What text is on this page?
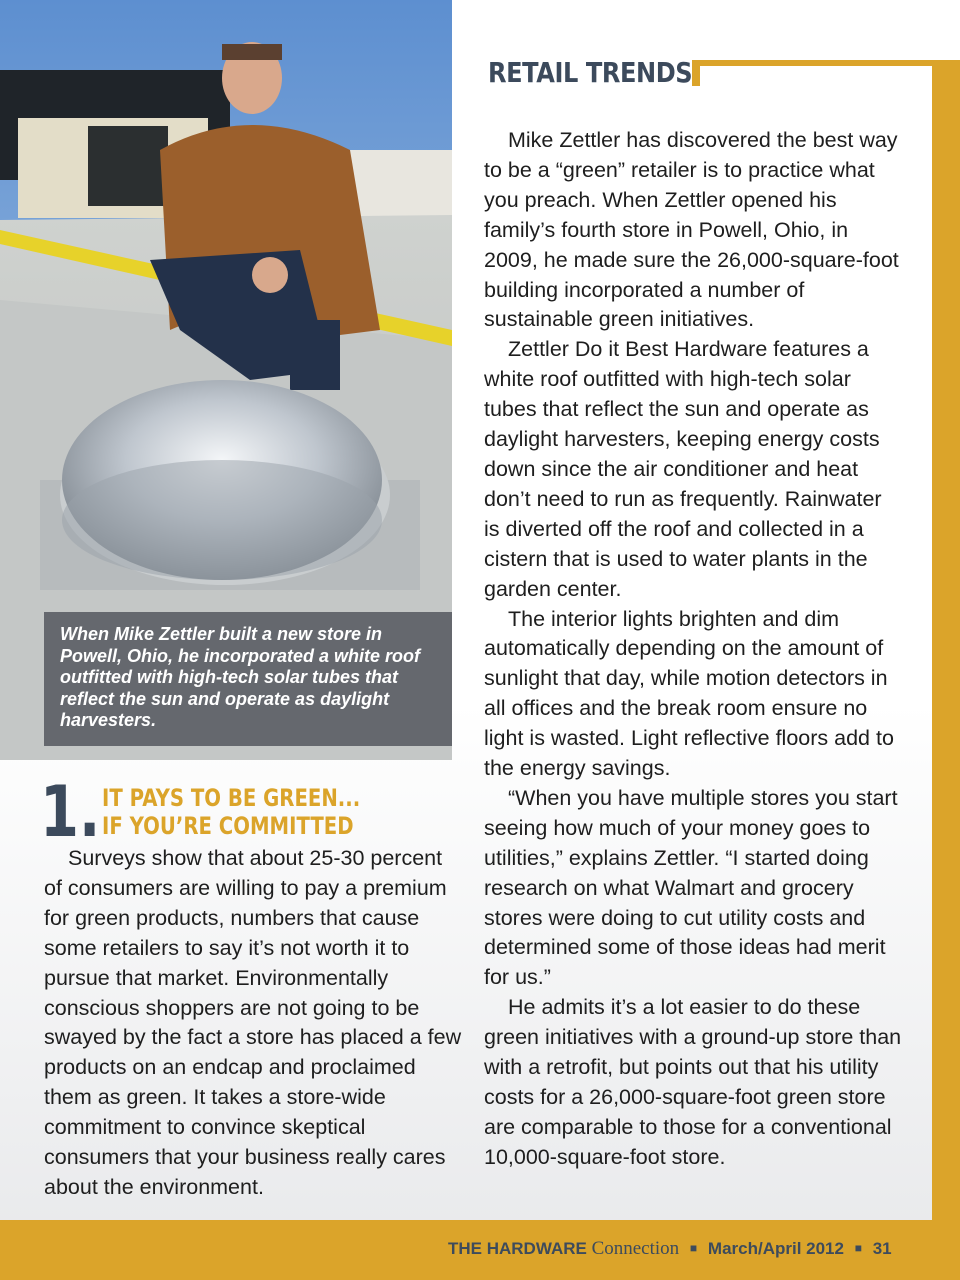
RETAIL TRENDS
When Mike Zettler built a new store in Powell, Ohio, he incorporated a white roof outfitted with high-tech solar tubes that reflect the sun and operate as daylight harvesters.
1. IT PAYS TO BE GREEN...
IF YOU’RE COMMITTED

Surveys show that about 25-30 percent of consumers are willing to pay a premium for green products, numbers that cause some retailers to say it’s not worth it to pursue that market. Environmentally conscious shoppers are not going to be swayed by the fact a store has placed a few products on an endcap and proclaimed them as green. It takes a store-wide commitment to convince skeptical consumers that your business really cares about the environment.

Mike Zettler has discovered the best way to be a “green” retailer is to practice what you preach. When Zettler opened his family’s fourth store in Powell, Ohio, in 2009, he made sure the 26,000-square-foot building incorporated a number of sustainable green initiatives.

Zettler Do it Best Hardware features a white roof outfitted with high-tech solar tubes that reflect the sun and operate as daylight harvesters, keeping energy costs down since the air conditioner and heat don’t need to run as frequently. Rainwater is diverted off the roof and collected in a cistern that is used to water plants in the garden center.

The interior lights brighten and dim automatically depending on the amount of sunlight that day, while motion detectors in all offices and the break room ensure no light is wasted. Light reflective floors add to the energy savings.

“When you have multiple stores you start seeing how much of your money goes to utilities,” explains Zettler. “I started doing research on what Walmart and grocery stores were doing to cut utility costs and determined some of those ideas had merit for us.”

He admits it’s a lot easier to do these green initiatives with a ground-up store than with a retrofit, but points out that his utility costs for a 26,000-square-foot green store are comparable to those for a conventional 10,000-square-foot store.

THE HARDWARE Connection ■ March/April 2012 ■ 31
